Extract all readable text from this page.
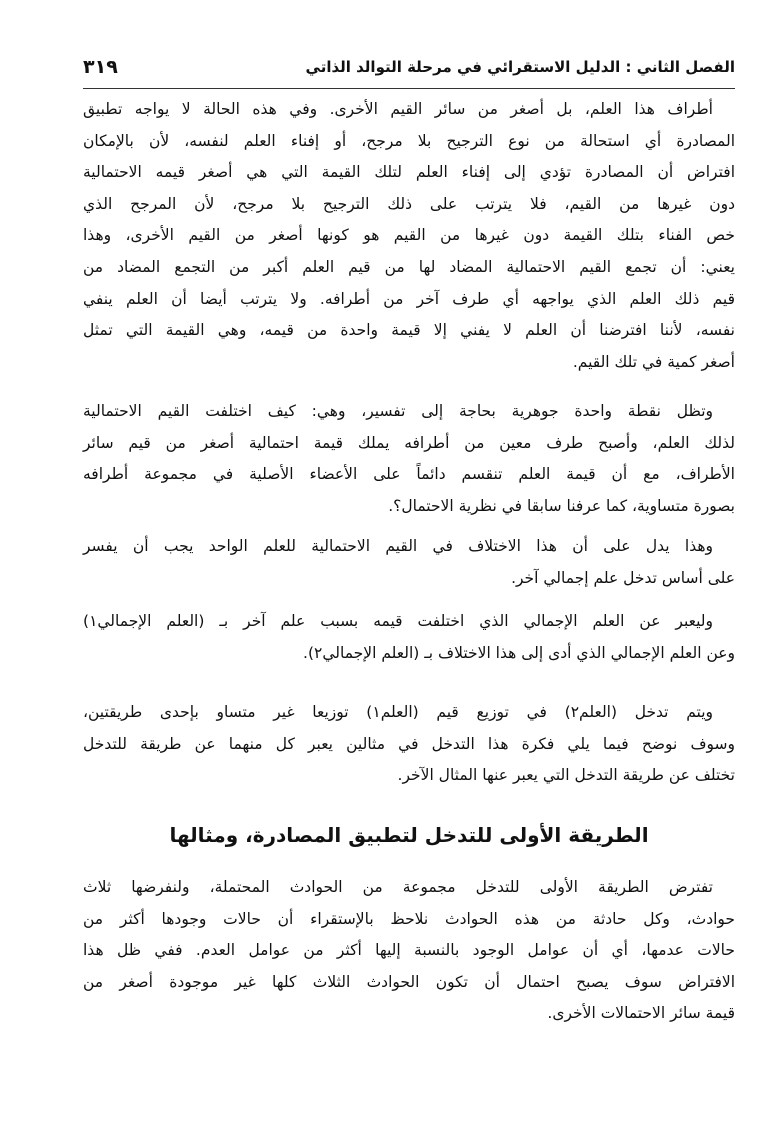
الفصل الثاني : الدليل الاستقرائي في مرحلة التوالد الذاتي
٣١٩
أطراف هذا العلم، بل أصغر من سائر القيم الأخرى. وفي هذه الحالة لا يواجه تطبيق
المصادرة أي استحالة من نوع الترجيح بلا مرجح، أو إفناء العلم لنفسه، لأن بالإمكان
افتراض أن المصادرة تؤدي إلى إفناء العلم لتلك القيمة التي هي أصغر قيمه الاحتمالية
دون غيرها من القيم، فلا يترتب على ذلك الترجيح بلا مرجح، لأن المرجح الذي
خص الفناء بتلك القيمة دون غيرها من القيم هو كونها أصغر من القيم الأخرى، وهذا
يعني: أن تجمع القيم الاحتمالية المضاد لها من قيم العلم أكبر من التجمع المضاد من
قيم ذلك العلم الذي يواجهه أي طرف آخر من أطرافه. ولا يترتب أيضا أن العلم ينفي
نفسه، لأننا افترضنا أن العلم لا يفني إلا قيمة واحدة من قيمه، وهي القيمة التي تمثل
أصغر كمية في تلك القيم.
وتظل نقطة واحدة جوهرية بحاجة إلى تفسير، وهي: كيف اختلفت القيم الاحتمالية
لذلك العلم، وأصبح طرف معين من أطرافه يملك قيمة احتمالية أصغر من قيم سائر
الأطراف، مع أن قيمة العلم تنقسم دائماً على الأعضاء الأصلية في مجموعة أطرافه
بصورة متساوية، كما عرفنا سابقا في نظرية الاحتمال؟.
وهذا يدل على أن هذا الاختلاف في القيم الاحتمالية للعلم الواحد يجب أن يفسر
على أساس تدخل علم إجمالي آخر.
وليعبر عن العلم الإجمالي الذي اختلفت قيمه بسبب علم آخر بـ (العلم الإجمالي١)
وعن العلم الإجمالي الذي أدى إلى هذا الاختلاف بـ (العلم الإجمالي٢).
ويتم تدخل (العلم٢) في توزيع قيم (العلم١) توزيعا غير متساو بإحدى طريقتين،
وسوف نوضح فيما يلي فكرة هذا التدخل في مثالين يعبر كل منهما عن طريقة للتدخل
تختلف عن طريقة التدخل التي يعبر عنها المثال الآخر.
الطريقة الأولى للتدخل لتطبيق المصادرة، ومثالها
تفترض الطريقة الأولى للتدخل مجموعة من الحوادث المحتملة، ولنفرضها ثلاث
حوادث، وكل حادثة من هذه الحوادث نلاحظ بالإستقراء أن حالات وجودها أكثر من
حالات عدمها، أي أن عوامل الوجود بالنسبة إليها أكثر من عوامل العدم. ففي ظل هذا
الافتراض سوف يصبح احتمال أن تكون الحوادث الثلاث كلها غير موجودة أصغر من
قيمة سائر الاحتمالات الأخرى.
